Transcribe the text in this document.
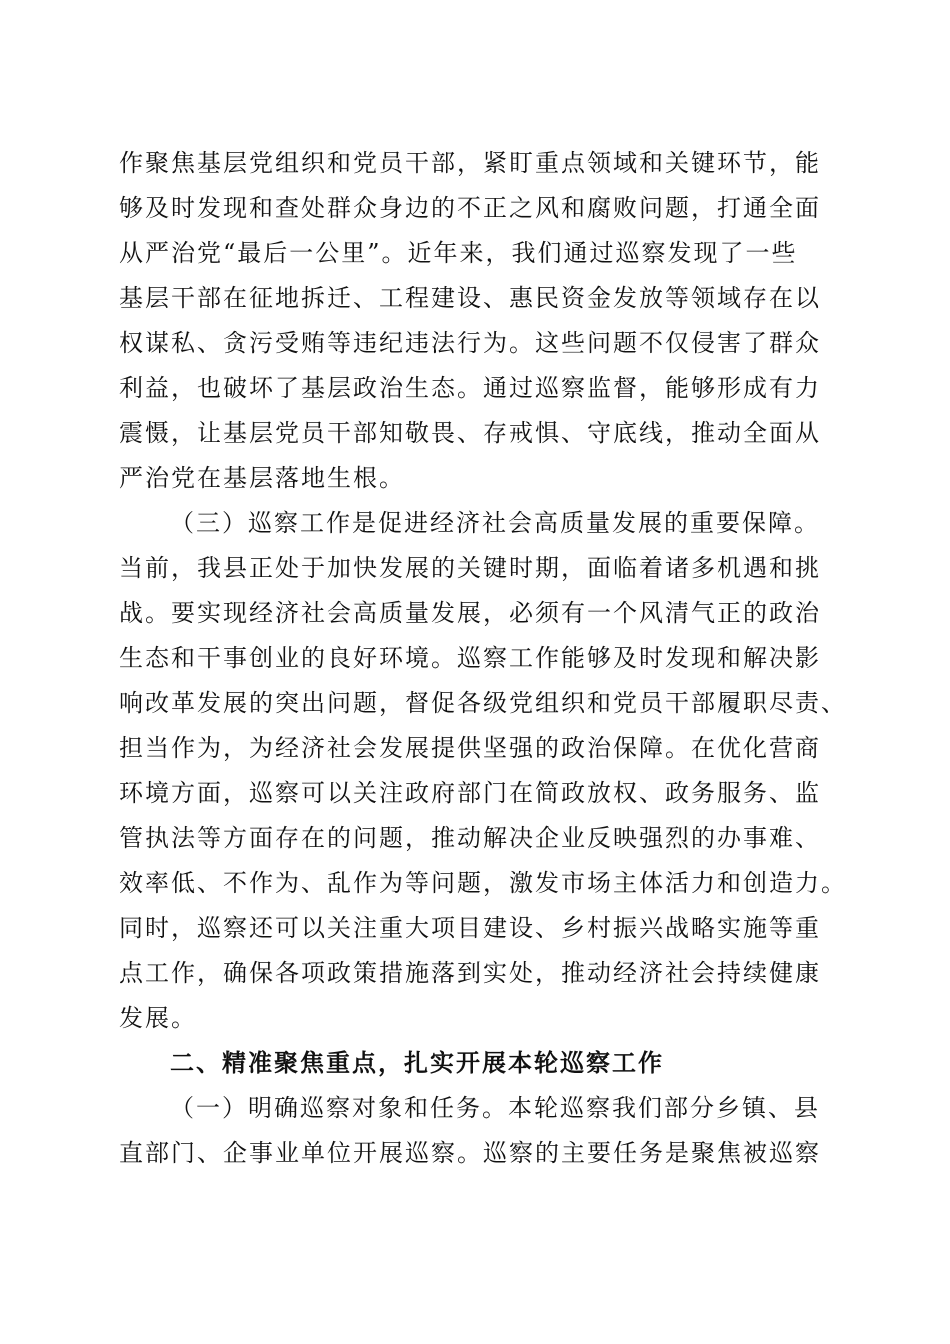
作聚焦基层党组织和党员干部，紧盯重点领域和关键环节，能
够及时发现和查处群众身边的不正之风和腐败问题，打通全面
从严治党“最后一公里”。近年来，我们通过巡察发现了一些
基层干部在征地拆迁、工程建设、惠民资金发放等领域存在以
权谋私、贪污受贿等违纪违法行为。这些问题不仅侵害了群众
利益，也破坏了基层政治生态。通过巡察监督，能够形成有力
震慑，让基层党员干部知敬畏、存戒惧、守底线，推动全面从
严治党在基层落地生根。
（三）巡察工作是促进经济社会高质量发展的重要保障。
当前，我县正处于加快发展的关键时期，面临着诸多机遇和挑
战。要实现经济社会高质量发展，必须有一个风清气正的政治
生态和干事创业的良好环境。巡察工作能够及时发现和解决影
响改革发展的突出问题，督促各级党组织和党员干部履职尽责、
担当作为，为经济社会发展提供坚强的政治保障。在优化营商
环境方面，巡察可以关注政府部门在简政放权、政务服务、监
管执法等方面存在的问题，推动解决企业反映强烈的办事难、
效率低、不作为、乱作为等问题，激发市场主体活力和创造力。
同时，巡察还可以关注重大项目建设、乡村振兴战略实施等重
点工作，确保各项政策措施落到实处，推动经济社会持续健康
发展。
二、精准聚焦重点，扎实开展本轮巡察工作
（一）明确巡察对象和任务。本轮巡察我们部分乡镇、县
直部门、企事业单位开展巡察。巡察的主要任务是聚焦被巡察
